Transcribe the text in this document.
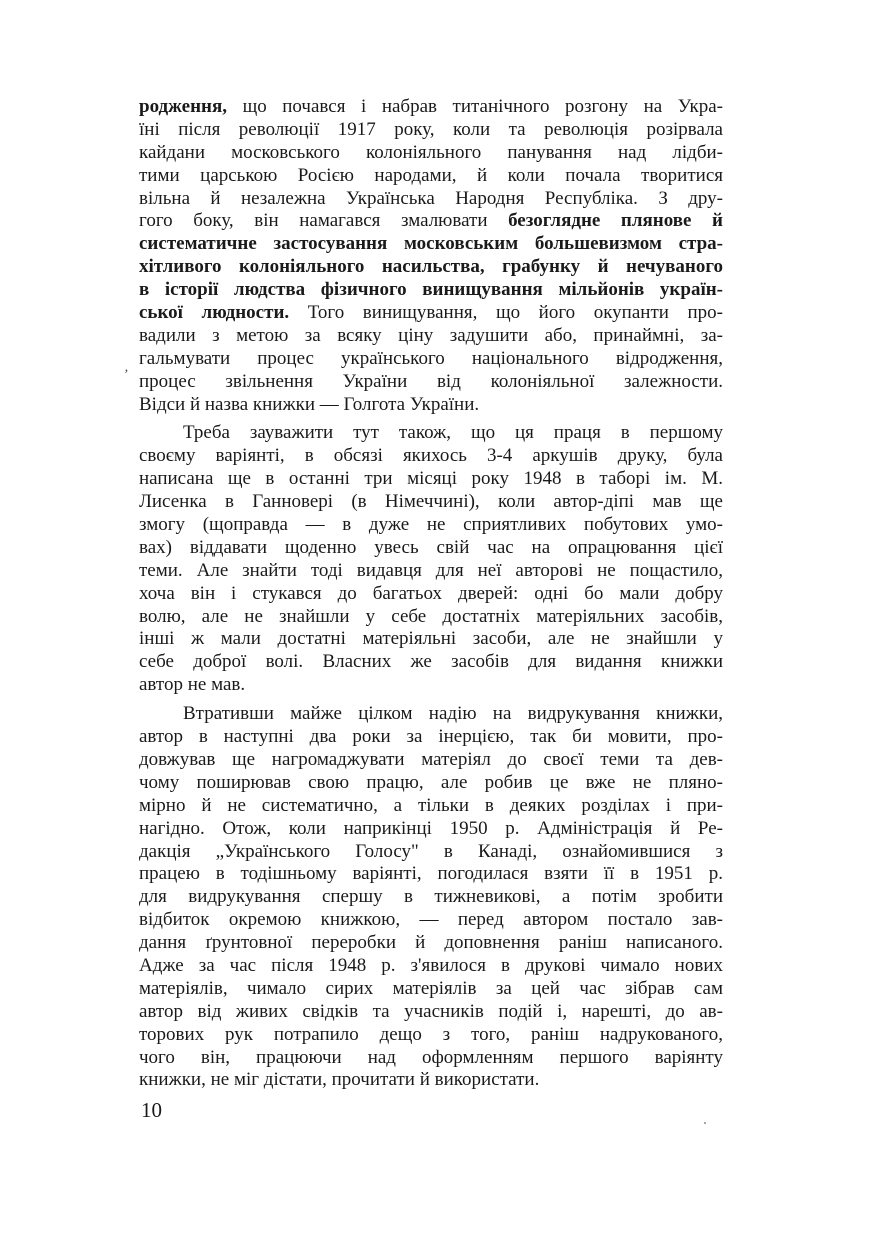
родження, що почався і набрав титанічного розгону на Укра-
їні після революції 1917 року, коли та революція розірвала
кайдани московського колоніяльного панування над лідби-
тими царською Росією народами, й коли почала творитися
вільна й незалежна Українська Народня Республіка. З дру-
гого боку, він намагався змалювати безоглядне плянове й
систематичне застосування московським большевизмом стра-
хітливого колоніяльного насильства, грабунку й нечуваного
в історії людства фізичного винищування мільйонів україн-
ської людности. Того винищування, що його окупанти про-
вадили з метою за всяку ціну задушити або, принаймні, за-
гальмувати процес українського національного відродження,
процес звільнення України від колоніяльної залежности.
Відси й назва книжки — Голгота України.
Треба зауважити тут також, що ця праця в першому
своєму варіянті, в обсязі якихось 3-4 аркушів друку, була
написана ще в останні три місяці року 1948 в таборі ім. М.
Лисенка в Ганновері (в Німеччині), коли автор-діпі мав ще
змогу (щоправда — в дуже не сприятливих побутових умо-
вах) віддавати щоденно увесь свій час на опрацювання цієї
теми. Але знайти тоді видавця для неї авторові не пощастило,
хоча він і стукався до багатьох дверей: одні бо мали добру
волю, але не знайшли у себе достатніх матеріяльних засобів,
інші ж мали достатні матеріяльні засоби, але не знайшли у
себе доброї волі. Власних же засобів для видання книжки
автор не мав.
Втративши майже цілком надію на видрукування книжки,
автор в наступні два роки за інерцією, так би мовити, про-
довжував ще нагромаджувати матеріял до своєї теми та дев-
чому поширював свою працю, але робив це вже не пляно-
мірно й не систематично, а тільки в деяких розділах і при-
нагідно. Отож, коли наприкінці 1950 р. Адміністрація й Ре-
дакція „Українського Голосу" в Канаді, ознайомившися з
працею в тодішньому варіянті, погодилася взяти її в 1951 р.
для видрукування спершу в тижневикові, а потім зробити
відбиток окремою книжкою, — перед автором постало зав-
дання ґрунтовної переробки й доповнення раніш написаного.
Адже за час після 1948 р. з'явилося в друкові чимало нових
матеріялів, чимало сирих матеріялів за цей час зібрав сам
автор від живих свідків та учасників подій і, нарешті, до ав-
торових рук потрапило дещо з того, раніш надрукованого,
чого він, працюючи над оформленням першого варіянту
книжки, не міг дістати, прочитати й використати.
‚
10
